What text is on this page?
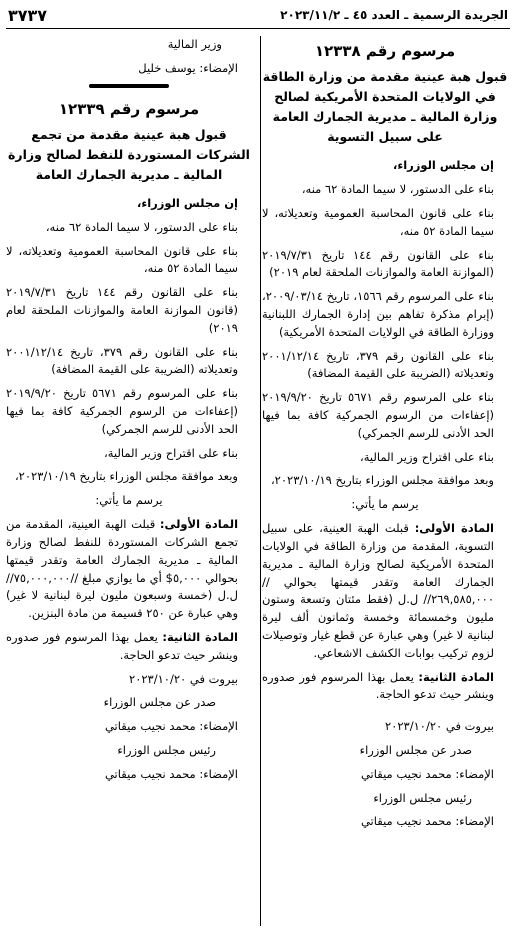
الجريدة الرسمية ـ العدد ٤٥ ـ ٢٠٢٣/١١/٢
٣٧٣٧
مرسوم رقم ١٢٣٣٨
قبول هبة عينية مقدمة من وزارة الطاقة في الولايات المتحدة الأمريكية لصالح وزارة المالية ـ مديرية الجمارك العامة على سبيل التسوية
إن مجلس الوزراء،
بناء على الدستور، لا سيما المادة ٦٢ منه،
بناء على قانون المحاسبة العمومية وتعديلاته، لا سيما المادة ٥٢ منه،
بناء على القانون رقم ١٤٤ تاريخ ٢٠١٩/٧/٣١ (الموازنة العامة والموازنات الملحقة لعام ٢٠١٩)
بناء على المرسوم رقم ١٥٦٦، تاريخ ٢٠٠٩/٠٣/١٤، (إبرام مذكرة تفاهم بين إدارة الجمارك اللبنانية ووزارة الطاقة في الولايات المتحدة الأمريكية)
بناء على القانون رقم ٣٧٩، تاريخ ٢٠٠١/١٢/١٤ وتعديلاته (الضريبة على القيمة المضافة)
بناء على المرسوم رقم ٥٦٧١ تاريخ ٢٠١٩/٩/٢٠ (إعفاءات من الرسوم الجمركية كافة بما فيها الحد الأدنى للرسم الجمركي)
بناء على اقتراح وزير المالية،
وبعد موافقة مجلس الوزراء بتاريخ ٢٠٢٣/١٠/١٩،
يرسم ما يأتي:
المادة الأولى: قبلت الهبة العينية، على سبيل التسوية، المقدمة من وزارة الطاقة في الولايات المتحدة الأمريكية لصالح وزارة المالية ـ مديرية الجمارك العامة وتقدر قيمتها بحوالي //٢٦٩,٥٨٥,٠٠٠// ل.ل (فقط مئتان وتسعة وستون مليون وخمسمائة وخمسة وثمانون ألف ليرة لبنانية لا غير) وهي عبارة عن قطع غيار وتوصيلات لزوم تركيب بوابات الكشف الاشعاعي.
المادة الثانية: يعمل بهذا المرسوم فور صدوره وينشر حيث تدعو الحاجة.
بيروت في ٢٠٢٣/١٠/٢٠
صدر عن مجلس الوزراء
الإمضاء: محمد نجيب ميقاتي
رئيس مجلس الوزراء
الإمضاء: محمد نجيب ميقاتي
وزير المالية
الإمضاء: يوسف خليل
مرسوم رقم ١٢٣٣٩
قبول هبة عينية مقدمة من تجمع الشركات المستوردة للنفط لصالح وزارة المالية ـ مديرية الجمارك العامة
إن مجلس الوزراء،
بناء على الدستور، لا سيما المادة ٦٢ منه،
بناء على قانون المحاسبة العمومية وتعديلاته، لا سيما المادة ٥٢ منه،
بناء على القانون رقم ١٤٤ تاريخ ٢٠١٩/٧/٣١ (قانون الموازنة العامة والموازنات الملحقة لعام ٢٠١٩)
بناء على القانون رقم ٣٧٩، تاريخ ٢٠٠١/١٢/١٤ وتعديلاته (الضريبة على القيمة المضافة)
بناء على المرسوم رقم ٥٦٧١ تاريخ ٢٠١٩/٩/٢٠ (إعفاءات من الرسوم الجمركية كافة بما فيها الحد الأدنى للرسم الجمركي)
بناء على اقتراح وزير المالية،
وبعد موافقة مجلس الوزراء بتاريخ ٢٠٢٣/١٠/١٩،
يرسم ما يأتي:
المادة الأولى: قبلت الهبة العينية، المقدمة من تجمع الشركات المستوردة للنفط لصالح وزارة المالية ـ مديرية الجمارك العامة وتقدر قيمتها بحوالي ٥,٠٠٠$ أي ما يوازي مبلغ //٧٥,٠٠٠,٠٠٠// ل.ل (خمسة وسبعون مليون ليرة لبنانية لا غير) وهي عبارة عن ٢٥٠ قسيمة من مادة البنزين.
المادة الثانية: يعمل بهذا المرسوم فور صدوره وينشر حيث تدعو الحاجة.
بيروت في ٢٠٢٣/١٠/٢٠
صدر عن مجلس الوزراء
الإمضاء: محمد نجيب ميقاتي
رئيس مجلس الوزراء
الإمضاء: محمد نجيب ميقاتي
